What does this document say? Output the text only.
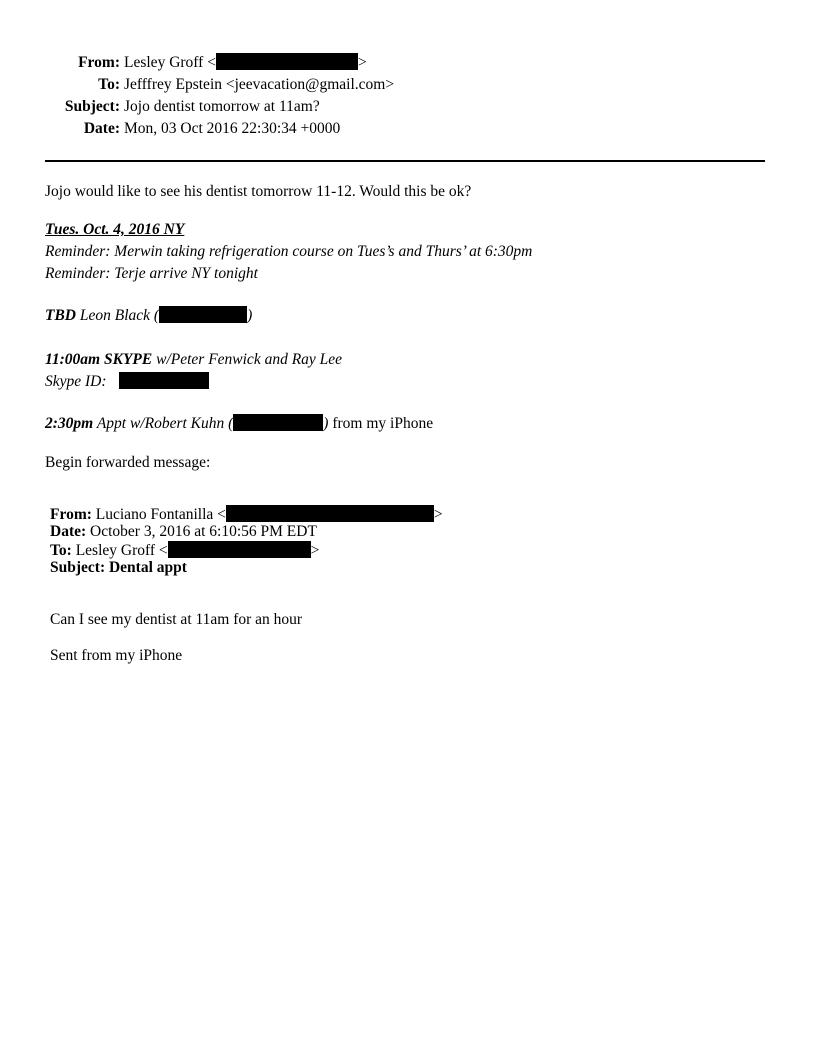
From: Lesley Groff <	>
To: Jefffrey Epstein <jeevacation@gmail.com>
Subject: Jojo dentist tomorrow at 11am?
Date: Mon, 03 Oct 2016 22:30:34 +0000
Jojo would like to see his dentist tomorrow 11-12. Would this be ok?
Tues. Oct. 4, 2016 NY
Reminder: Merwin taking refrigeration course on Tues’s and Thurs’ at 6:30pm
Reminder: Terje arrive NY tonight
TBD Leon Black (	)
11:00am SKYPE w/Peter Fenwick and Ray Lee
Skype ID:
2:30pm Appt w/Robert Kuhn (	) from my iPhone
Begin forwarded message:
From: Luciano Fontanilla <	>
Date: October 3, 2016 at 6:10:56 PM EDT
To: Lesley Groff <	>
Subject: Dental appt
Can I see my dentist at 11am for an hour
Sent from my iPhone
